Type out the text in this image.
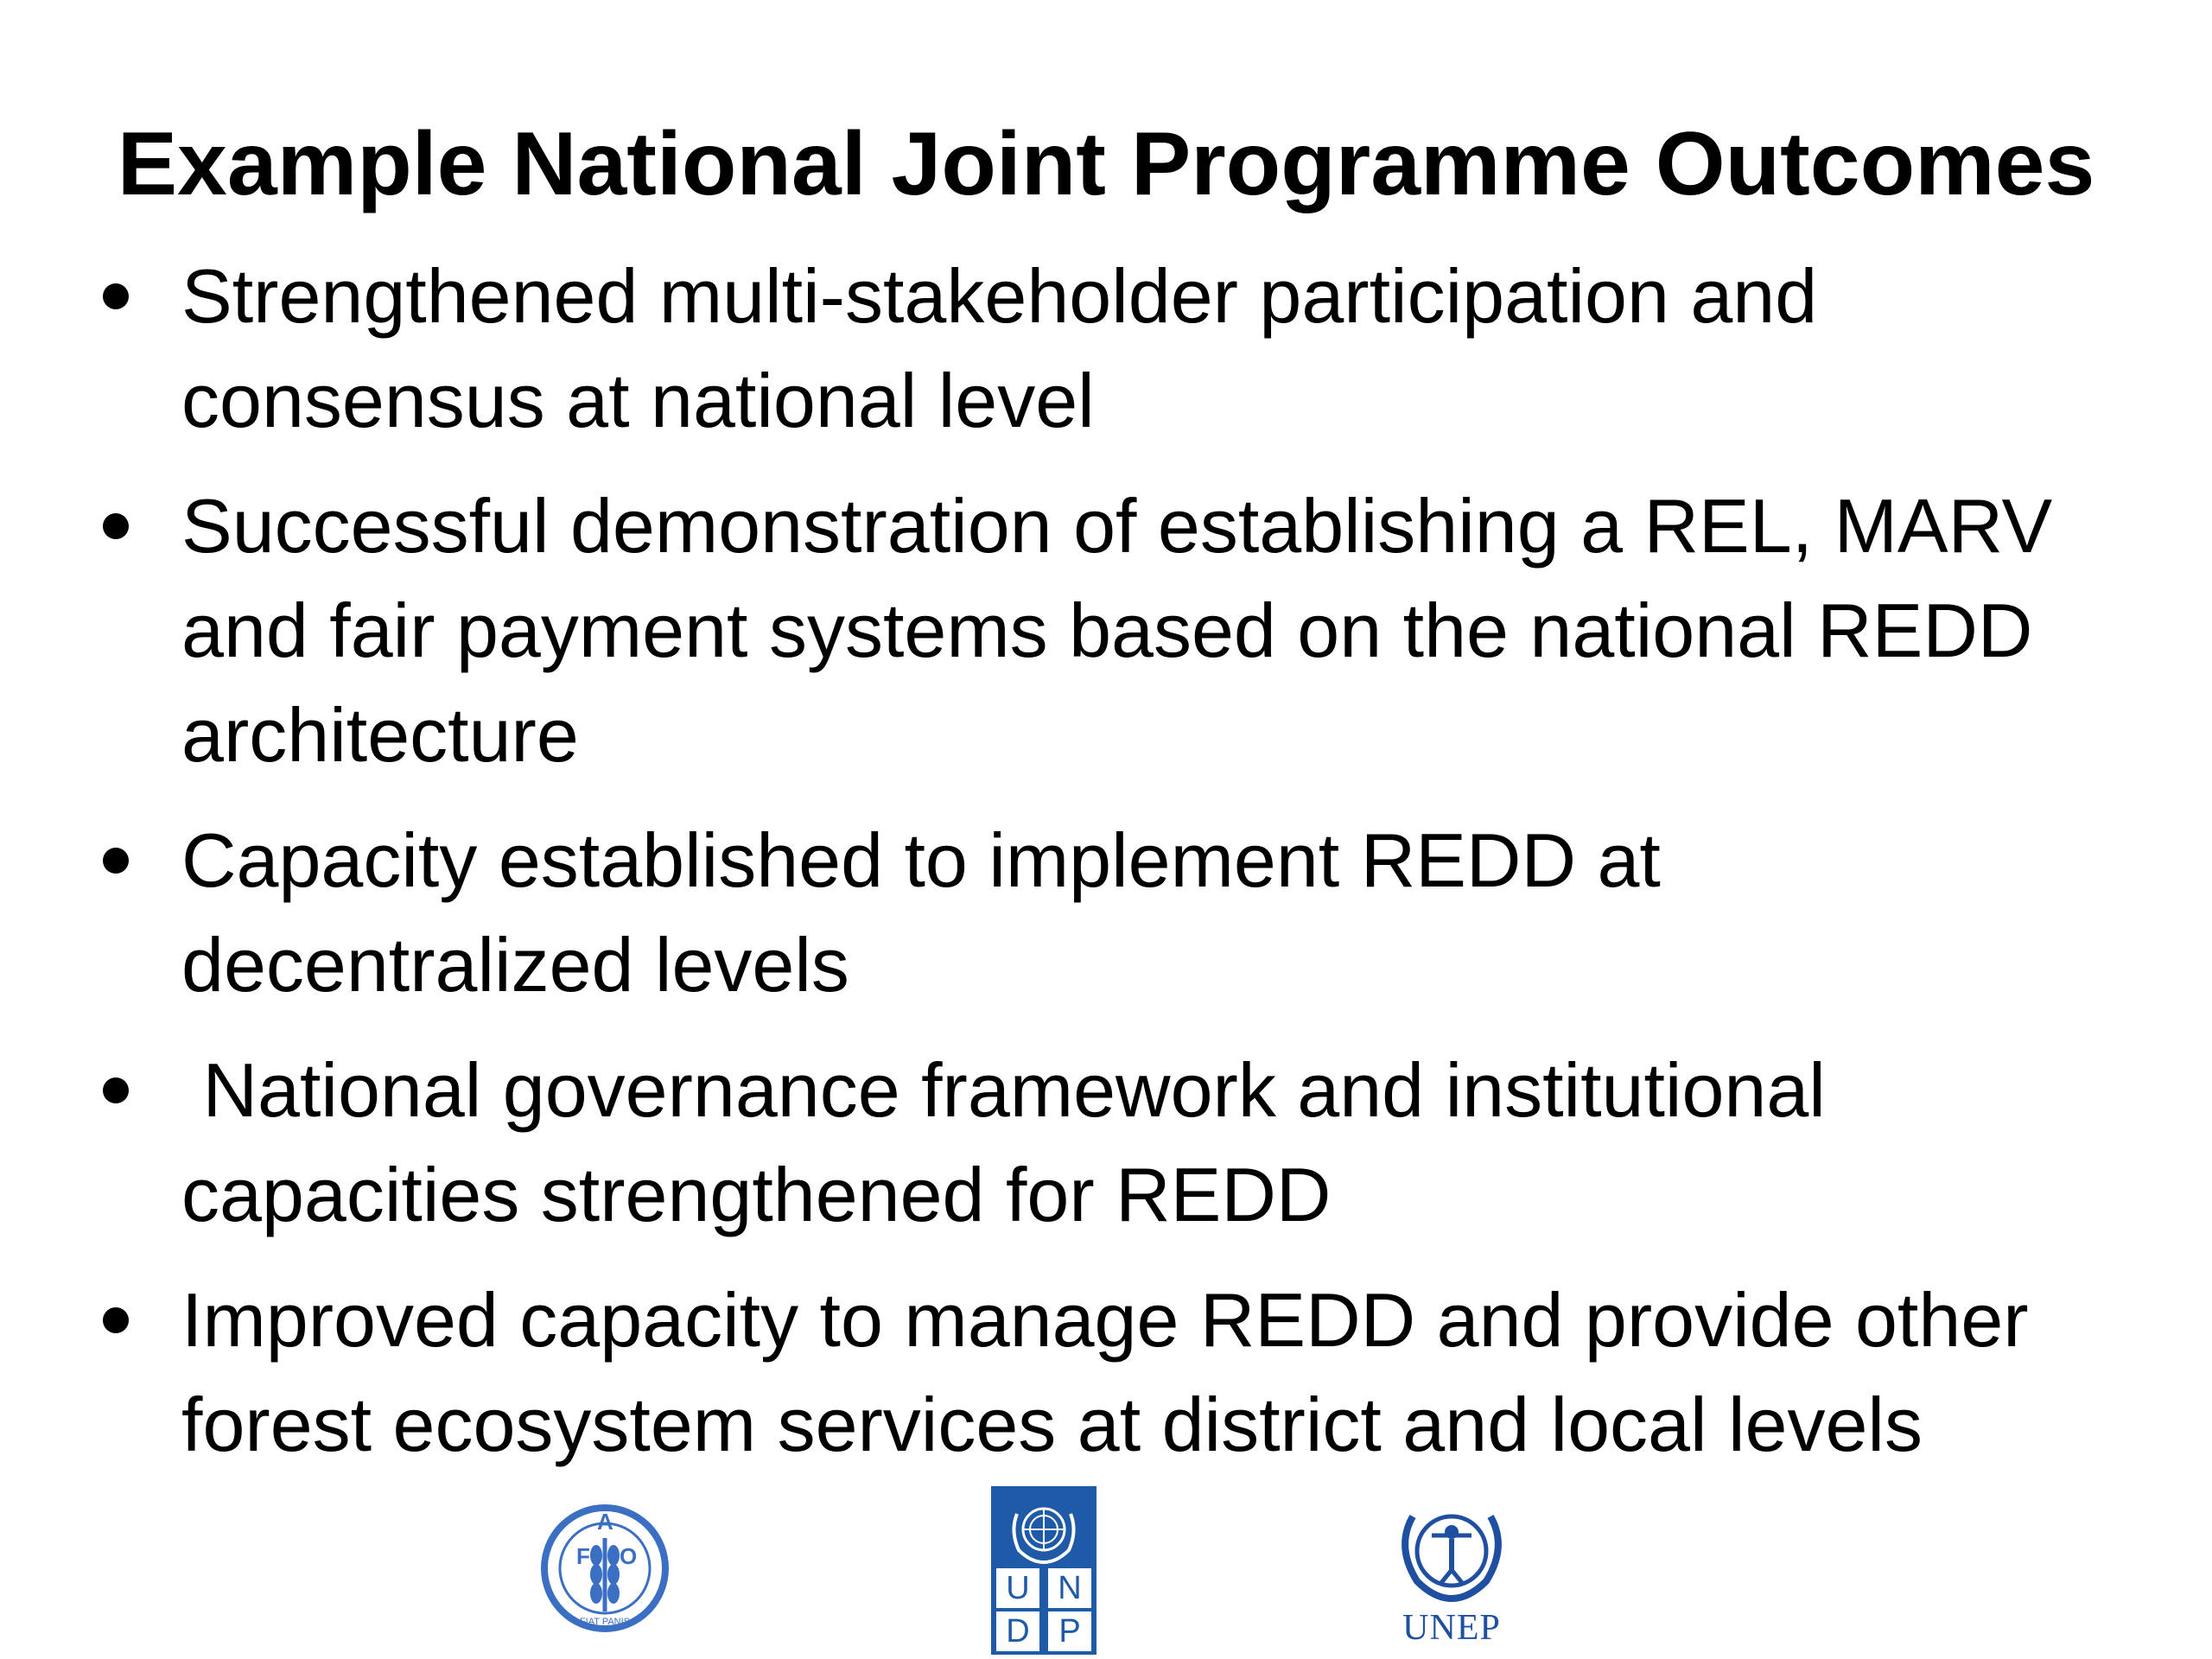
Example National Joint Programme Outcomes
Strengthened multi-stakeholder participation and
consensus at national level
Successful demonstration of establishing a REL, MARV
and fair payment systems based on the national REDD
architecture
Capacity established to implement REDD at
decentralized levels
National governance framework and institutional
capacities strengthened for REDD
Improved capacity to manage REDD and provide other
forest ecosystem services at district and local levels
F
A
O
FIAT PANIS
U N
D P	UNEP
